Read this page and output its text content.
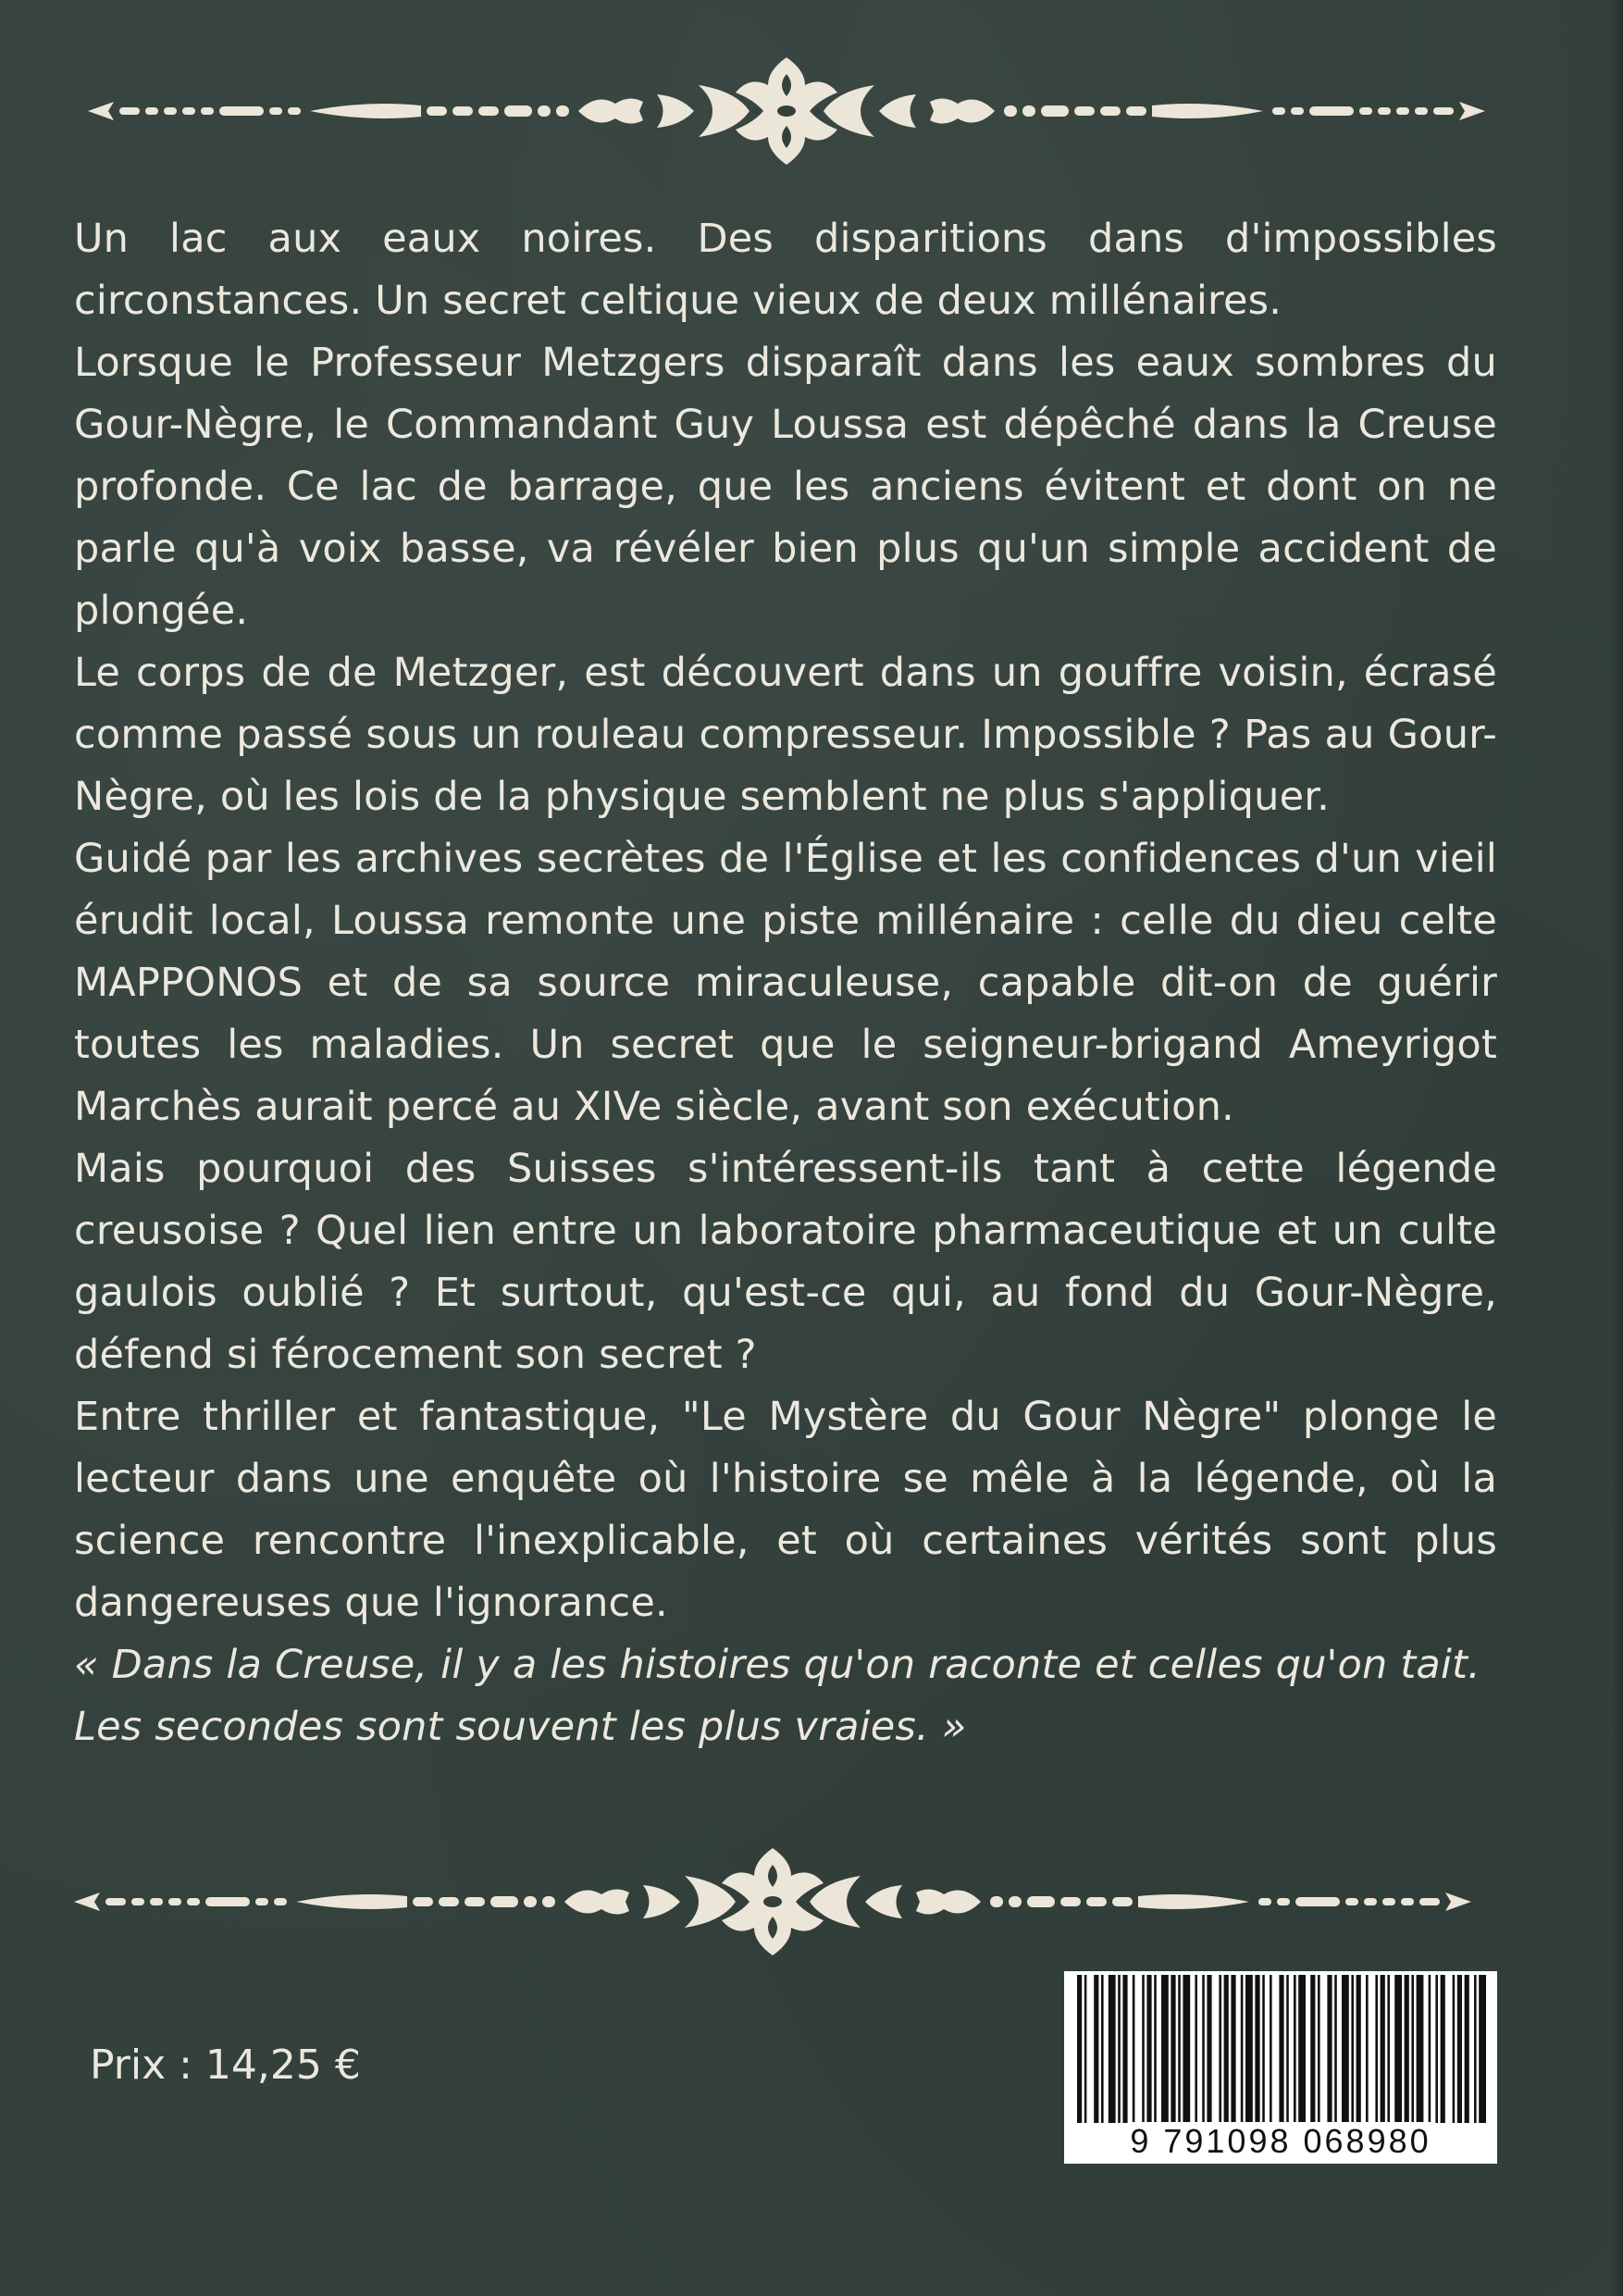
Un lac aux eaux noires. Des disparitions dans d'impossibles circonstances. Un secret celtique vieux de deux millénaires.

Lorsque le Professeur Metzgers disparaît dans les eaux sombres du Gour-Nègre, le Commandant Guy Loussa est dépêché dans la Creuse profonde. Ce lac de barrage, que les anciens évitent et dont on ne parle qu'à voix basse, va révéler bien plus qu'un simple accident de plongée.

Le corps de de Metzger, est découvert dans un gouffre voisin, écrasé comme passé sous un rouleau compresseur. Impossible ? Pas au Gour-Nègre, où les lois de la physique semblent ne plus s'appliquer.

Guidé par les archives secrètes de l'Église et les confidences d'un vieil érudit local, Loussa remonte une piste millénaire : celle du dieu celte MAPPONOS et de sa source miraculeuse, capable dit-on de guérir toutes les maladies. Un secret que le seigneur-brigand Ameyrigot Marchès aurait percé au XIVe siècle, avant son exécution.

Mais pourquoi des Suisses s'intéressent-ils tant à cette légende creusoise ? Quel lien entre un laboratoire pharmaceutique et un culte gaulois oublié ? Et surtout, qu'est-ce qui, au fond du Gour-Nègre, défend si férocement son secret ?

Entre thriller et fantastique, "Le Mystère du Gour Nègre" plonge le lecteur dans une enquête où l'histoire se mêle à la légende, où la science rencontre l'inexplicable, et où certaines vérités sont plus dangereuses que l'ignorance.

« Dans la Creuse, il y a les histoires qu'on raconte et celles qu'on tait. Les secondes sont souvent les plus vraies. »

Prix : 14,25 €
9 791098 068980
